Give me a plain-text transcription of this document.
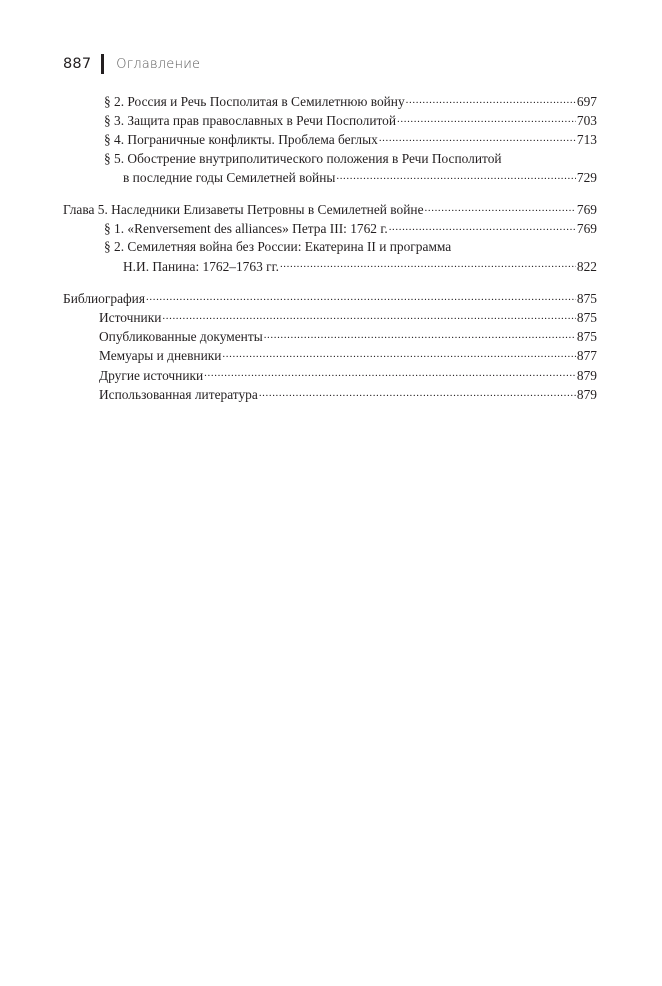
887 Оглавление
§ 2. Россия и Речь Посполитая в Семилетнюю войну .....	697
§ 3. Защита прав православных в Речи Посполитой .....	703
§ 4. Пограничные конфликты. Проблема беглых .....	713
§ 5. Обострение внутриполитического положения в Речи Посполитой
в последние годы Семилетней войны .....	729
Глава 5. Наследники Елизаветы Петровны в Семилетней войне .....	769
§ 1. «Renversement des alliances» Петра III: 1762 г. .....	769
§ 2. Семилетняя война без России: Екатерина II и программа
Н.И. Панина: 1762–1763 гг. .....	822
Библиография .....	875
Источники .....	875
Опубликованные документы .....	875
Мемуары и дневники .....	877
Другие источники .....	879
Использованная литература .....	879
